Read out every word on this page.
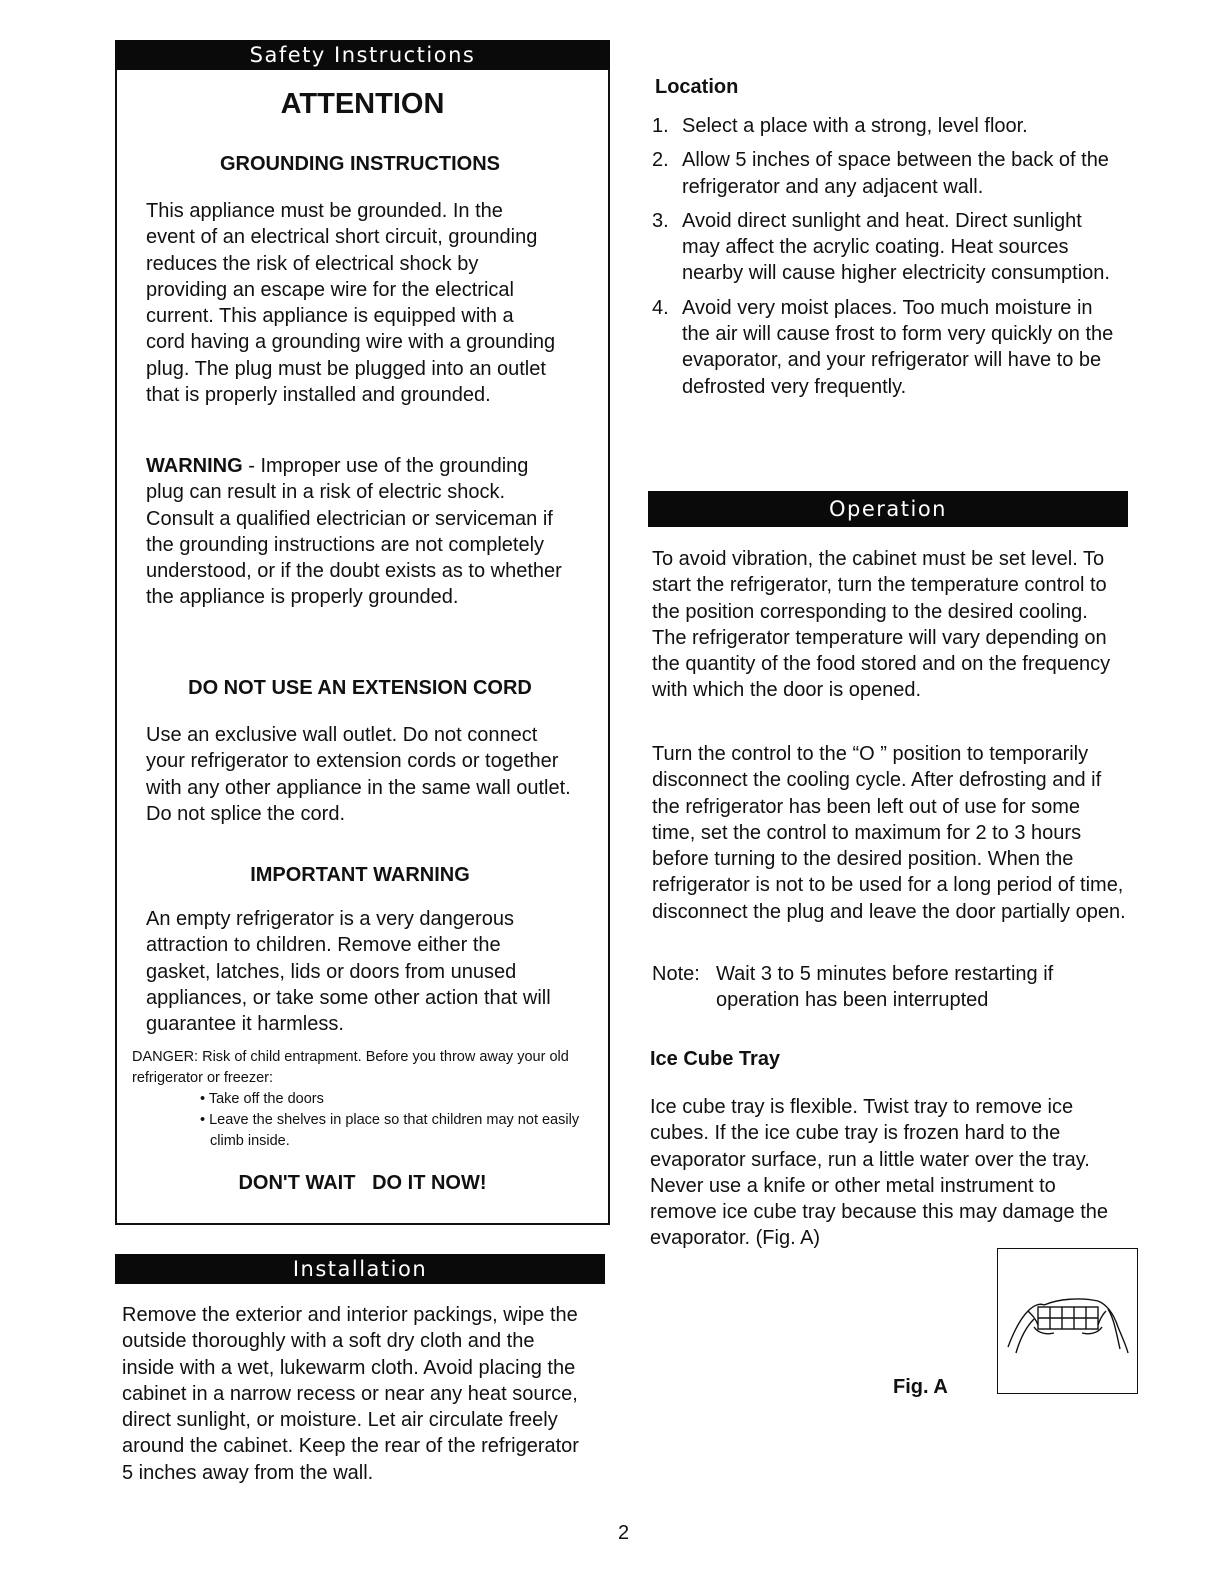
Safety Instructions
ATTENTION
GROUNDING INSTRUCTIONS

This appliance must be grounded. In the event of an electrical short circuit, grounding reduces the risk of electrical shock by providing an escape wire for the electrical current. This appliance is equipped with a cord having a grounding wire with a grounding plug. The plug must be plugged into an outlet that is properly installed and grounded.

WARNING - Improper use of the grounding plug can result in a risk of electric shock. Consult a qualified electrician or serviceman if the grounding instructions are not completely understood, or if the doubt exists as to whether the appliance is properly grounded.

DO NOT USE AN EXTENSION CORD

Use an exclusive wall outlet. Do not connect your refrigerator to extension cords or together with any other appliance in the same wall outlet. Do not splice the cord.

IMPORTANT WARNING

An empty refrigerator is a very dangerous attraction to children. Remove either the gasket, latches, lids or doors from unused appliances, or take some other action that will guarantee it harmless.

DANGER: Risk of child entrapment. Before you throw away your old refrigerator or freezer:

• Take off the doors
• Leave the shelves in place so that children may not easily climb inside.
DON'T WAIT   DO IT NOW!
Installation

Remove the exterior and interior packings, wipe the outside thoroughly with a soft dry cloth and the inside with a wet, lukewarm cloth. Avoid placing the cabinet in a narrow recess or near any heat source, direct sunlight, or moisture. Let air circulate freely around the cabinet. Keep the rear of the refrigerator 5 inches away from the wall.

Location
1. Select a place with a strong, level floor.
2. Allow 5 inches of space between the back of the refrigerator and any adjacent wall.
3. Avoid direct sunlight and heat. Direct sunlight may affect the acrylic coating. Heat sources nearby will cause higher electricity consumption.
4. Avoid very moist places. Too much moisture in the air will cause frost to form very quickly on the evaporator, and your refrigerator will have to be defrosted very frequently.
Operation

To avoid vibration, the cabinet must be set level. To start the refrigerator, turn the temperature control to the position corresponding to the desired cooling. The refrigerator temperature will vary depending on the quantity of the food stored and on the frequency with which the door is opened.

Turn the control to the “O ” position to temporarily disconnect the cooling cycle. After defrosting and if the refrigerator has been left out of use for some time, set the control to maximum for 2 to 3 hours before turning to the desired position. When the refrigerator is not to be used for a long period of time, disconnect the plug and leave the door partially open.

Note: Wait 3 to 5 minutes before restarting if operation has been interrupted

Ice Cube Tray

Ice cube tray is flexible. Twist tray to remove ice cubes. If the ice cube tray is frozen hard to the evaporator surface, run a little water over the tray. Never use a knife or other metal instrument to remove ice cube tray because this may damage the evaporator. (Fig. A)

Fig. A
2
